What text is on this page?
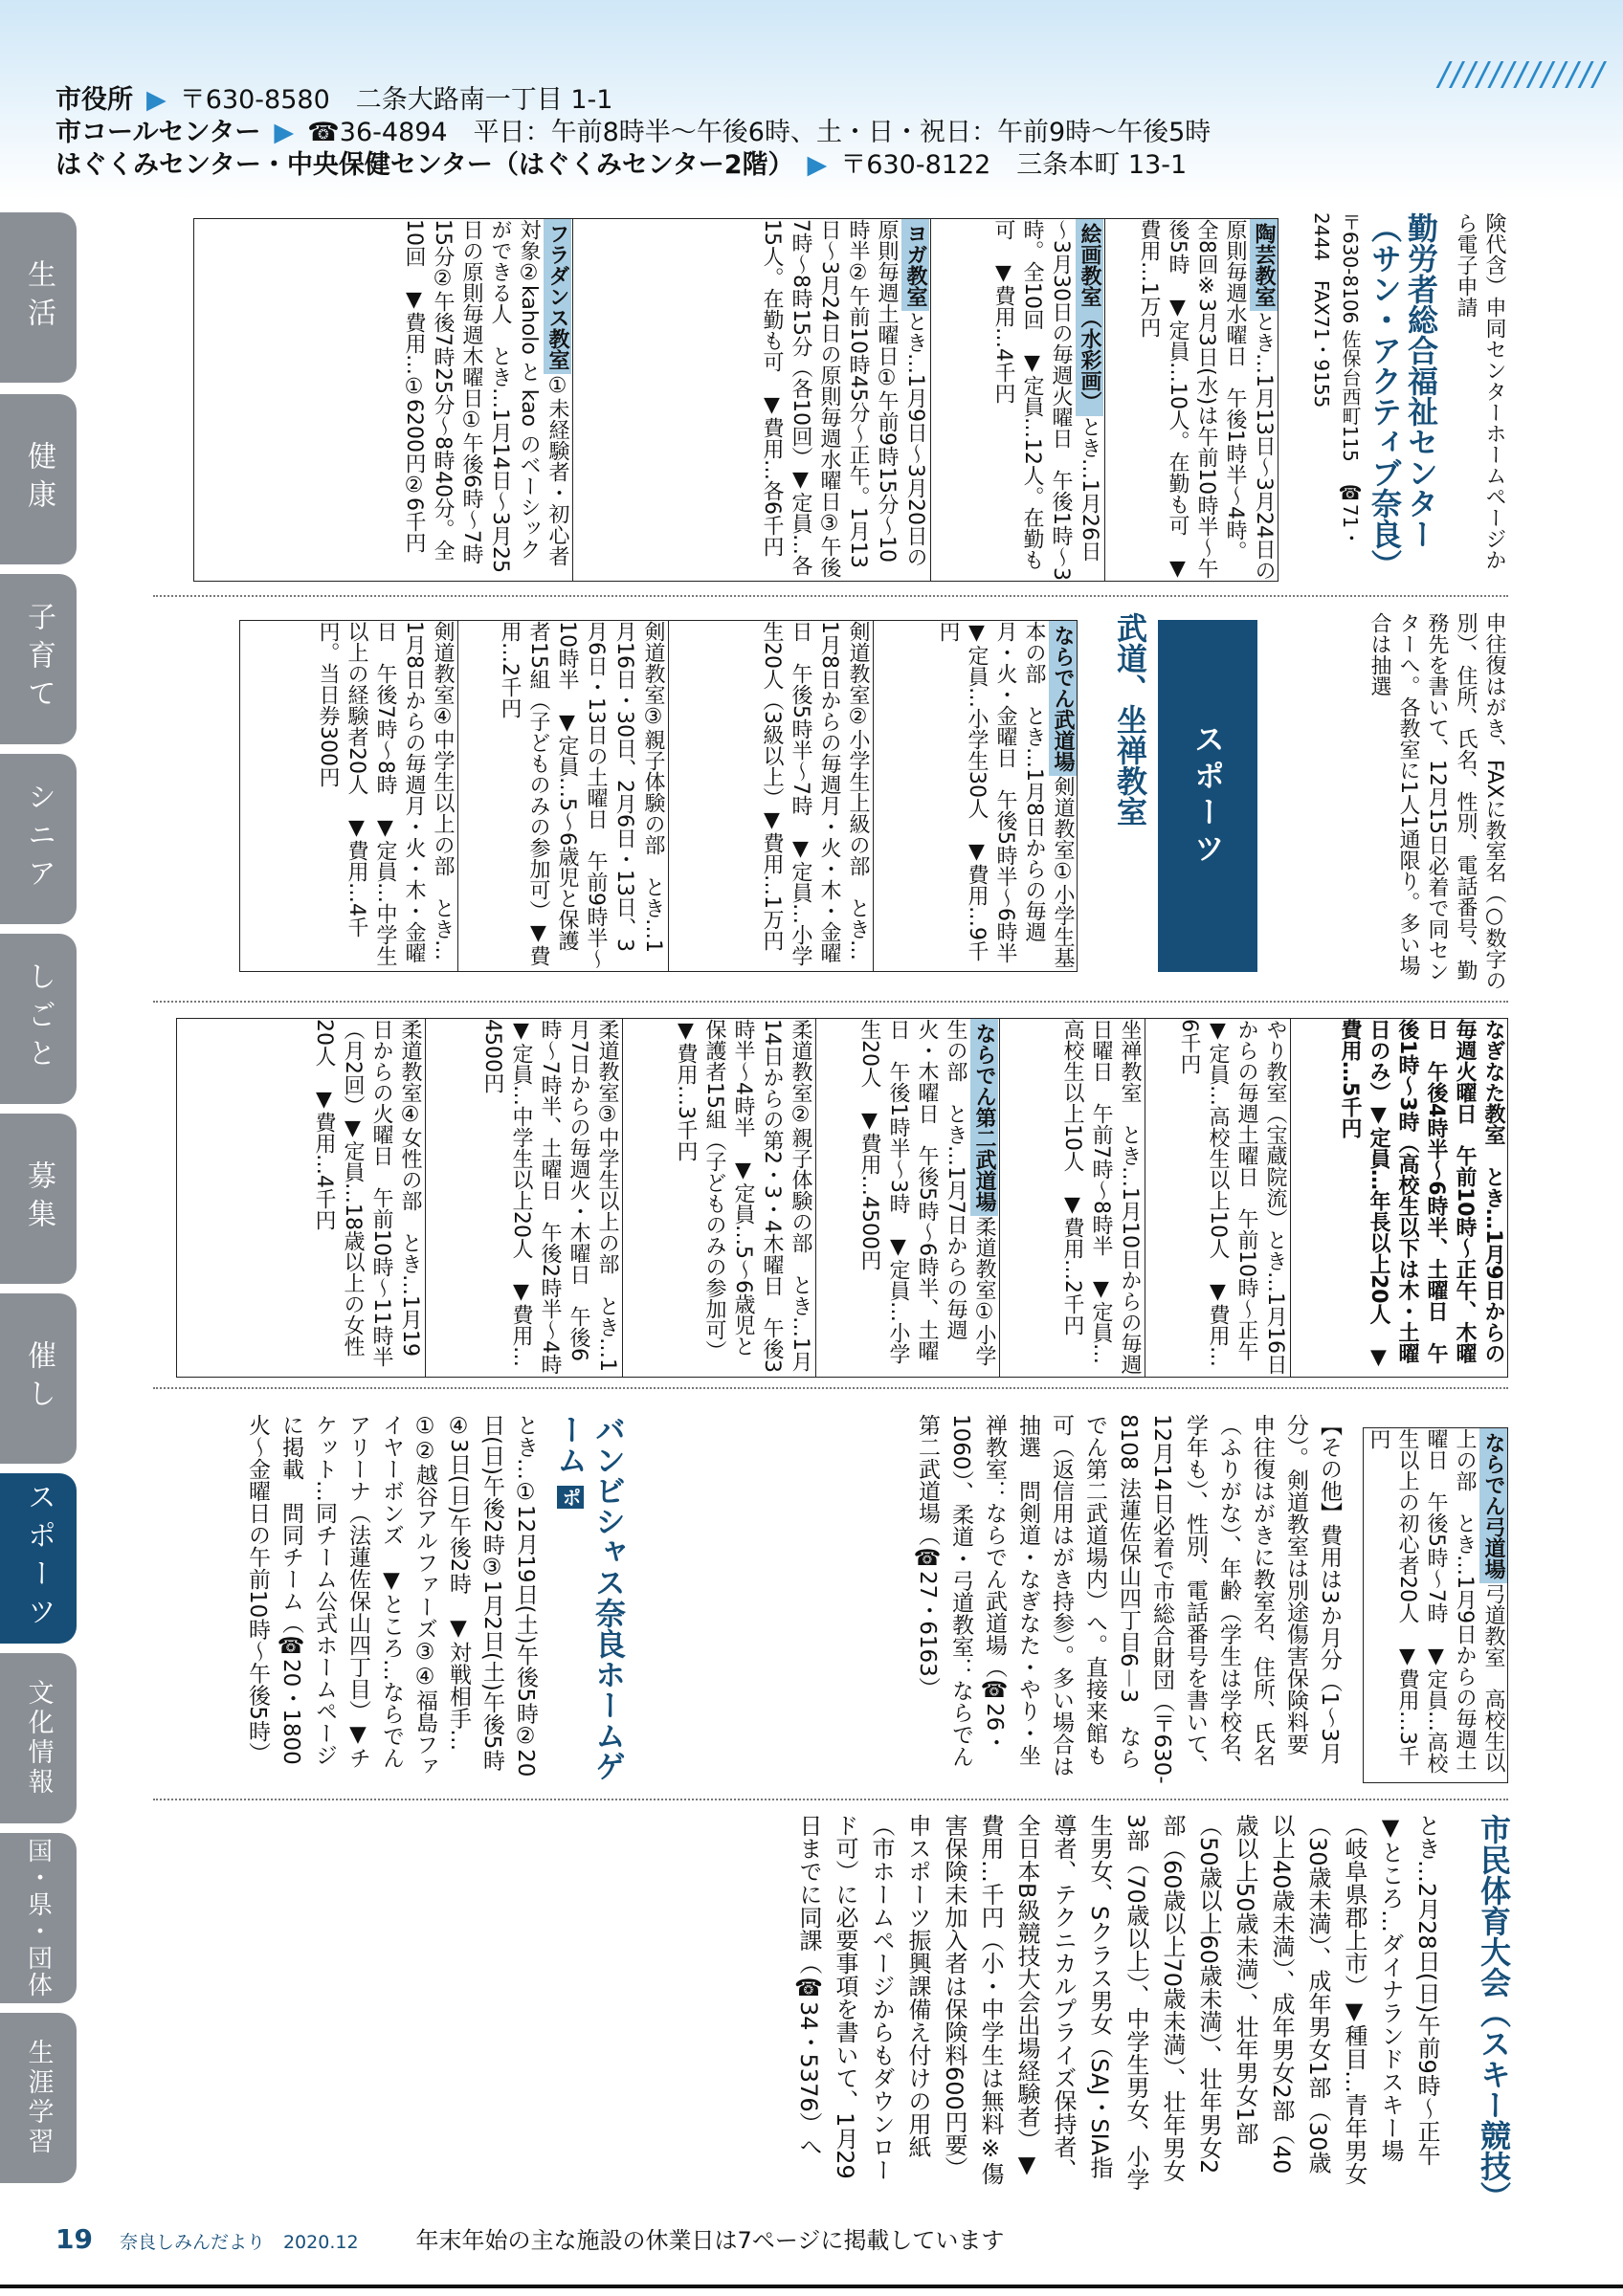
市役所 ▶ 〒630-8580　二条大路南一丁目 1-1
市コールセンター ▶ ☎36-4894　平日：午前8時半～午後6時、土・日・祝日：午前9時～午後5時
はぐくみセンター・中央保健センター（はぐくみセンター2階） ▶ 〒630-8122　三条本町 13-1
/////////////
生活
健康
子育て
シニア
しごと
募集
催し
スポーツ
文化情報
国・県・団体
生涯学習
険代含）申同センターホームページから電子申請
勤労者総合福祉センター（サン・アクティブ奈良）
〒630-8106 佐保台西町115　☎71・2444　FAX71・9155
陶芸教室とき…1月13日～3月24日の原則毎週水曜日　午後1時半～4時。全8回※3月3日(水)は午前10時半～午後5時　▼定員…10人。在勤も可　▼費用…1万円
絵画教室（水彩画）とき…1月26日～3月30日の毎週火曜日　午後1時～3時。全10回　▼定員…12人。在勤も可　▼費用…4千円
ヨガ教室とき…1月9日～3月20日の原則毎週土曜日①午前9時15分～10時半②午前10時45分～正午。1月13日～3月24日の原則毎週水曜日③午後7時～8時15分（各10回）▼定員…各15人。在勤も可　▼費用…各6千円
フラダンス教室①未経験者・初心者対象②kaholo と kao のベーシックができる人　とき…1月14日～3月25日の原則毎週木曜日①午後6時～7時15分②午後7時25分～8時40分。全10回　▼費用…①6200円②6千円
申往復はがき、FAXに教室名（○数字の別）、住所、氏名、性別、電話番号、勤務先を書いて、12月15日必着で同センターへ。各教室に1人1通限り。多い場合は抽選
スポーツ
武道、坐禅教室
ならでん武道場剣道教室①小学生基本の部　とき…1月8日からの毎週月・火・金曜日　午後5時半～6時半　▼定員…小学生30人　▼費用…9千円
剣道教室②小学生上級の部　とき…1月8日からの毎週月・火・木・金曜日　午後5時半～7時　▼定員…小学生20人（3級以上）▼費用…1万円
剣道教室③親子体験の部　とき…1月16日・30日、2月6日・13日、3月6日・13日の土曜日　午前9時半～10時半　▼定員…5～6歳児と保護者15組（子どものみの参加可）▼費用…2千円
剣道教室④中学生以上の部　とき…1月8日からの毎週月・火・木・金曜日　午後7時～8時　▼定員…中学生以上の経験者20人　▼費用…4千円。当日券300円
なぎなた教室　とき…1月9日からの毎週火曜日　午前10時～正午、木曜日　午後4時半～6時半、土曜日　午後1時～3時（高校生以下は木・土曜日のみ）▼定員…年長以上20人　▼費用…5千円
やり教室（宝蔵院流）とき…1月16日からの毎週土曜日　午前10時～正午　▼定員…高校生以上10人　▼費用…6千円
坐禅教室　とき…1月10日からの毎週日曜日　午前7時～8時半　▼定員…高校生以上10人　▼費用…2千円
ならでん第二武道場柔道教室①小学生の部　とき…1月7日からの毎週火・木曜日　午後5時～6時半、土曜日　午後1時半～3時　▼定員…小学生20人　▼費用…4500円
柔道教室②親子体験の部　とき…1月14日からの第2・3・4木曜日　午後3時半～4時半　▼定員…5～6歳児と保護者15組（子どものみの参加可）▼費用…3千円
柔道教室③中学生以上の部　とき…1月7日からの毎週火・木曜日　午後6時～7時半、土曜日　午後2時半～4時　▼定員…中学生以上20人　▼費用…4500円
柔道教室④女性の部　とき…1月19日からの火曜日　午前10時～11時半（月2回）▼定員…18歳以上の女性20人　▼費用…4千円
ならでん弓道場弓道教室　高校生以上の部　とき…1月9日からの毎週土曜日　午後5時～7時　▼定員…高校生以上の初心者20人　▼費用…3千円
【その他】費用は3か月分（1～3月分）。剣道教室は別途傷害保険料要　申往復はがきに教室名、住所、氏名（ふりがな）、年齢（学生は学校名、学年も）、性別、電話番号を書いて、12月14日必着で市総合財団（〒630-8108 法蓮佐保山四丁目6－3　ならでん第二武道場内）へ。直接来館も可（返信用はがき持参）。多い場合は抽選　問剣道・なぎなた・やり・坐禅教室：ならでん武道場（☎26・1060）、柔道・弓道教室：ならでん第二武道場（☎27・6163）
バンビシャス奈良ホームゲーム ポ
とき…①12月19日(土)午後5時②20日(日)午後2時③1月2日(土)午後5時④3日(日)午後2時　▼対戦相手…①②越谷アルファーズ③④福島ファイヤーボンズ　▼ところ…ならでんアリーナ（法蓮佐保山四丁目）▼チケット…同チーム公式ホームページに掲載　問同チーム（☎20・1800　火～金曜日の午前10時～午後5時）
市民体育大会（スキー競技）
とき…2月28日(日)午前9時～正午　▼ところ…ダイナランドスキー場（岐阜県郡上市）▼種目…青年男女（30歳未満）、成年男女1部（30歳以上40歳未満）、成年男女2部（40歳以上50歳未満）、壮年男女1部（50歳以上60歳未満）、壮年男女2部（60歳以上70歳未満）、壮年男女3部（70歳以上）、中学生男女、小学生男女、Sクラス男女（SAJ・SIA指導者、テクニカルプライズ保持者、全日本B級競技大会出場経験者）▼費用…千円（小・中学生は無料※傷害保険未加入者は保険料600円要）申スポーツ振興課備え付けの用紙（市ホームページからもダウンロード可）に必要事項を書いて、1月29日までに同課（☎34・5376）へ
19 奈良しみんだより　2020.12	年末年始の主な施設の休業日は7ページに掲載しています
